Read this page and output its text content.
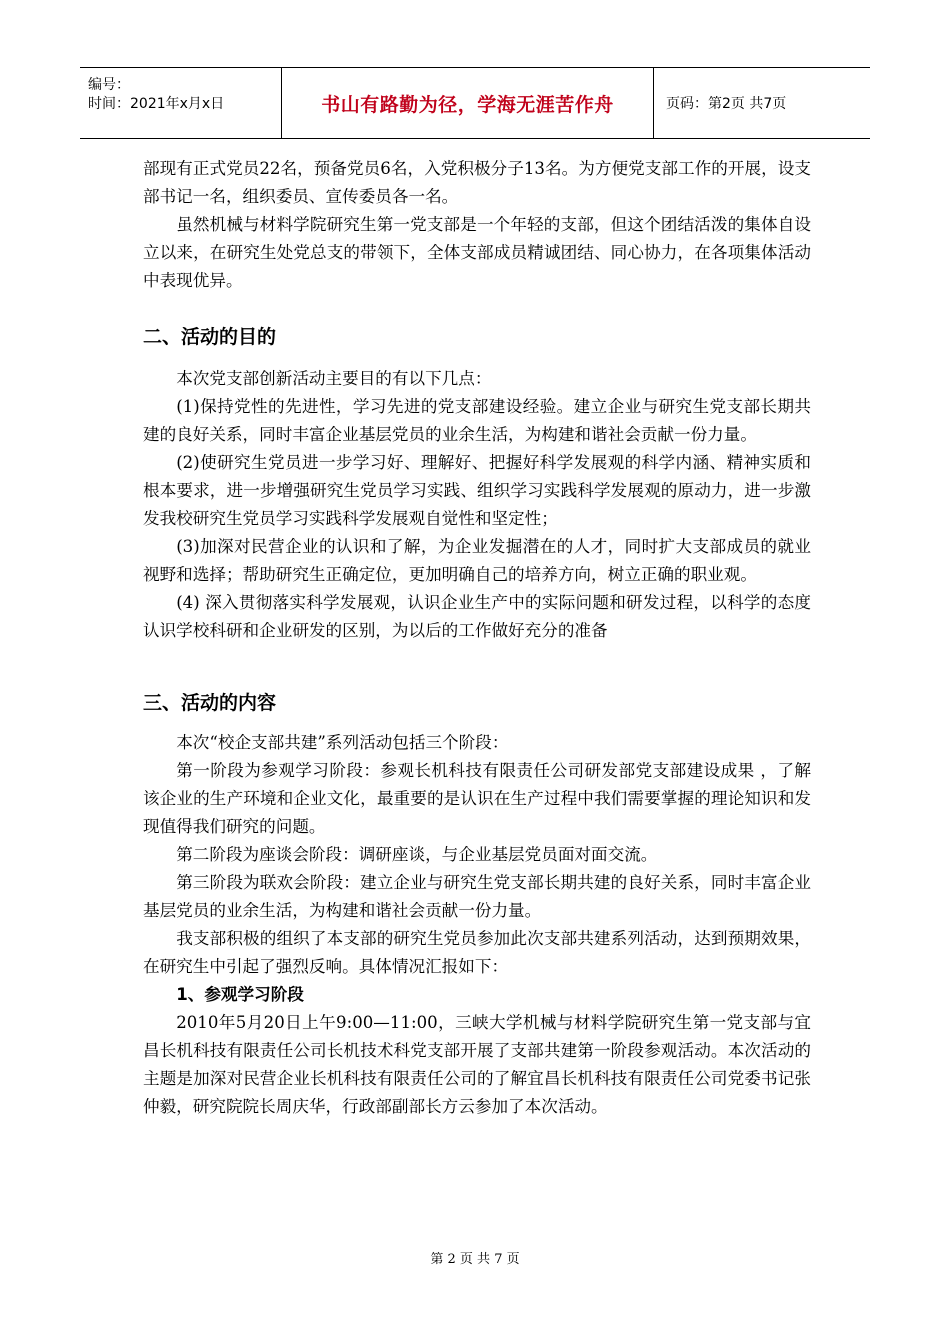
编号：
时间：2021年x月x日	书山有路勤为径，学海无涯苦作舟	页码：第2页 共7页

部现有正式党员22名，预备党员6名，入党积极分子13名。为方便党支部工作的开展，设支部书记一名，组织委员、宣传委员各一名。

虽然机械与材料学院研究生第一党支部是一个年轻的支部，但这个团结活泼的集体自设立以来，在研究生处党总支的带领下，全体支部成员精诚团结、同心协力，在各项集体活动中表现优异。

二、活动的目的

本次党支部创新活动主要目的有以下几点：

(1)保持党性的先进性，学习先进的党支部建设经验。建立企业与研究生党支部长期共建的良好关系，同时丰富企业基层党员的业余生活，为构建和谐社会贡献一份力量。

(2)使研究生党员进一步学习好、理解好、把握好科学发展观的科学内涵、精神实质和根本要求，进一步增强研究生党员学习实践、组织学习实践科学发展观的原动力，进一步激发我校研究生党员学习实践科学发展观自觉性和坚定性；

(3)加深对民营企业的认识和了解，为企业发掘潜在的人才，同时扩大支部成员的就业视野和选择；帮助研究生正确定位，更加明确自己的培养方向，树立正确的职业观。

(4) 深入贯彻落实科学发展观，认识企业生产中的实际问题和研发过程，以科学的态度认识学校科研和企业研发的区别，为以后的工作做好充分的准备

三、活动的内容

本次“校企支部共建”系列活动包括三个阶段：

第一阶段为参观学习阶段：参观长机科技有限责任公司研发部党支部建设成果 ，了解该企业的生产环境和企业文化，最重要的是认识在生产过程中我们需要掌握的理论知识和发现值得我们研究的问题。

第二阶段为座谈会阶段：调研座谈，与企业基层党员面对面交流。

第三阶段为联欢会阶段：建立企业与研究生党支部长期共建的良好关系，同时丰富企业基层党员的业余生活，为构建和谐社会贡献一份力量。

我支部积极的组织了本支部的研究生党员参加此次支部共建系列活动，达到预期效果，在研究生中引起了强烈反响。具体情况汇报如下：

1、参观学习阶段

2010年5月20日上午9:00—11:00，三峡大学机械与材料学院研究生第一党支部与宜昌长机科技有限责任公司长机技术科党支部开展了支部共建第一阶段参观活动。本次活动的主题是加深对民营企业长机科技有限责任公司的了解宜昌长机科技有限责任公司党委书记张仲毅，研究院院长周庆华，行政部副部长方云参加了本次活动。

第 2 页 共 7 页
